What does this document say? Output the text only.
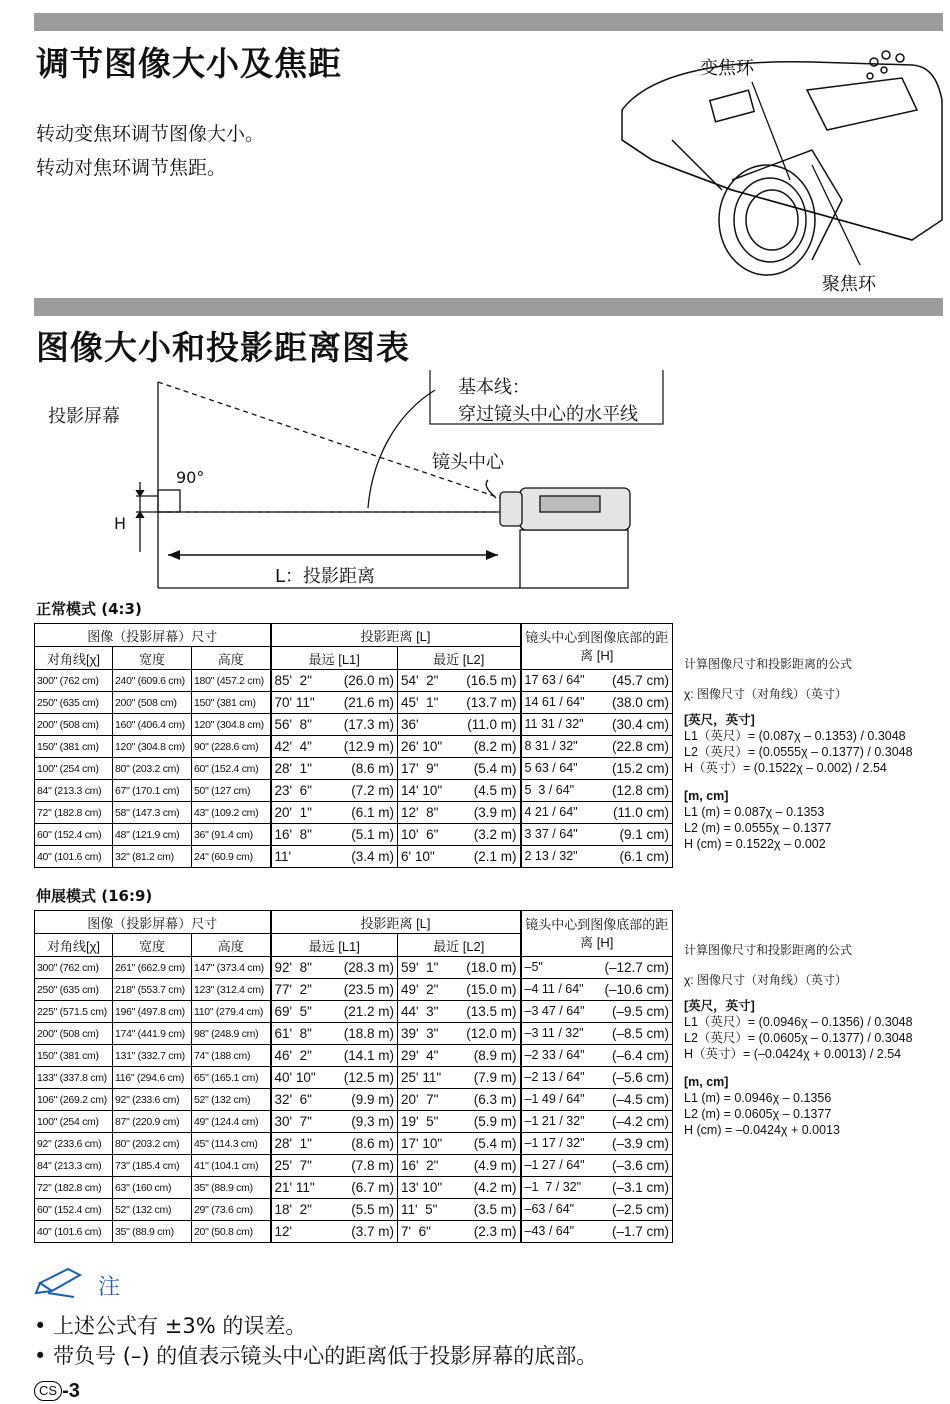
调节图像大小及焦距
转动变焦环调节图像大小。
转动对焦环调节焦距。
变焦环
聚焦环
图像大小和投影距离图表
投影屏幕
基本线：
穿过镜头中心的水平线
镜头中心
90°
H
L：投影距离
正常模式 (4:3)
图像（投影屏幕）尺寸			投影距离 [L]		镜头中心到图像底部的距离 [H]
对角线[χ]	宽度	高度	最远 [L1]	最近 [L2]	
300" (762 cm)	240" (609.6 cm)	180" (457.2 cm)	85'  2" (26.0 m)	54'  2" (16.5 m)	17 63 / 64" (45.7 cm)

250" (635 cm)	200" (508 cm)	150" (381 cm)	70' 11" (21.6 m)	45'  1" (13.7 m)	14 61 / 64" (38.0 cm)

200" (508 cm)	160" (406.4 cm)	120" (304.8 cm)	56'  8" (17.3 m)	36' (11.0 m)	11 31 / 32" (30.4 cm)

150" (381 cm)	120" (304.8 cm)	90" (228.6 cm)	42'  4" (12.9 m)	26' 10" (8.2 m)	8 31 / 32" (22.8 cm)

100" (254 cm)	80" (203.2 cm)	60" (152.4 cm)	28'  1" (8.6 m)	17'  9" (5.4 m)	5 63 / 64" (15.2 cm)

84" (213.3 cm)	67" (170.1 cm)	50" (127 cm)	23'  6" (7.2 m)	14' 10" (4.5 m)	5  3 / 64" (12.8 cm)

72" (182.8 cm)	58" (147.3 cm)	43" (109.2 cm)	20'  1" (6.1 m)	12'  8" (3.9 m)	4 21 / 64" (11.0 cm)

60" (152.4 cm)	48" (121.9 cm)	36" (91.4 cm)	16'  8" (5.1 m)	10'  6" (3.2 m)	3 37 / 64" (9.1 cm)

40" (101.6 cm)	32" (81.2 cm)	24" (60.9 cm)	11' (3.4 m)	6' 10" (2.1 m)	2 13 / 32" (6.1 cm)
计算图像尺寸和投影距离的公式
χ: 图像尺寸（对角线）（英寸）
[英尺，英寸]
L1（英尺）= (0.087χ – 0.1353) / 0.3048
L2（英尺）= (0.0555χ – 0.1377) / 0.3048
H（英寸）= (0.1522χ – 0.002) / 2.54
[m, cm]
L1 (m) = 0.087χ – 0.1353
L2 (m) = 0.0555χ – 0.1377
H (cm) = 0.1522χ – 0.002
伸展模式 (16:9)
图像（投影屏幕）尺寸			投影距离 [L]		镜头中心到图像底部的距离 [H]
对角线[χ]	宽度	高度	最远 [L1]	最近 [L2]	
300" (762 cm)	261" (662.9 cm)	147" (373.4 cm)	92'  8" (28.3 m)	59'  1" (18.0 m)	–5" (–12.7 cm)

250" (635 cm)	218" (553.7 cm)	123" (312.4 cm)	77'  2" (23.5 m)	49'  2" (15.0 m)	–4 11 / 64" (–10.6 cm)

225" (571.5 cm)	196" (497.8 cm)	110" (279.4 cm)	69'  5" (21.2 m)	44'  3" (13.5 m)	–3 47 / 64" (–9.5 cm)

200" (508 cm)	174" (441.9 cm)	98" (248.9 cm)	61'  8" (18.8 m)	39'  3" (12.0 m)	–3 11 / 32" (–8.5 cm)

150" (381 cm)	131" (332.7 cm)	74" (188 cm)	46'  2" (14.1 m)	29'  4" (8.9 m)	–2 33 / 64" (–6.4 cm)

133" (337.8 cm)	116" (294.6 cm)	65" (165.1 cm)	40' 10" (12.5 m)	25' 11" (7.9 m)	–2 13 / 64" (–5.6 cm)

106" (269.2 cm)	92" (233.6 cm)	52" (132 cm)	32'  6" (9.9 m)	20'  7" (6.3 m)	–1 49 / 64" (–4.5 cm)

100" (254 cm)	87" (220.9 cm)	49" (124.4 cm)	30'  7" (9.3 m)	19'  5" (5.9 m)	–1 21 / 32" (–4.2 cm)

92" (233.6 cm)	80" (203.2 cm)	45" (114.3 cm)	28'  1" (8.6 m)	17' 10" (5.4 m)	–1 17 / 32" (–3.9 cm)

84" (213.3 cm)	73" (185.4 cm)	41" (104.1 cm)	25'  7" (7.8 m)	16'  2" (4.9 m)	–1 27 / 64" (–3.6 cm)

72" (182.8 cm)	63" (160 cm)	35" (88.9 cm)	21' 11" (6.7 m)	13' 10" (4.2 m)	–1  7 / 32" (–3.1 cm)

60" (152.4 cm)	52" (132 cm)	29" (73.6 cm)	18'  2" (5.5 m)	11'  5" (3.5 m)	–63 / 64" (–2.5 cm)

40" (101.6 cm)	35" (88.9 cm)	20" (50.8 cm)	12' (3.7 m)	7'  6" (2.3 m)	–43 / 64" (–1.7 cm)
计算图像尺寸和投影距离的公式
χ: 图像尺寸（对角线）（英寸）
[英尺，英寸]
L1（英尺）= (0.0946χ – 0.1356) / 0.3048
L2（英尺）= (0.0605χ – 0.1377) / 0.3048
H（英寸）= (–0.0424χ + 0.0013) / 2.54
[m, cm]
L1 (m) = 0.0946χ – 0.1356
L2 (m) = 0.0605χ – 0.1377
H (cm) = –0.0424χ + 0.0013
注
• 上述公式有 ±3% 的误差。
• 带负号 (–) 的值表示镜头中心的距离低于投影屏幕的底部。
CS -3
